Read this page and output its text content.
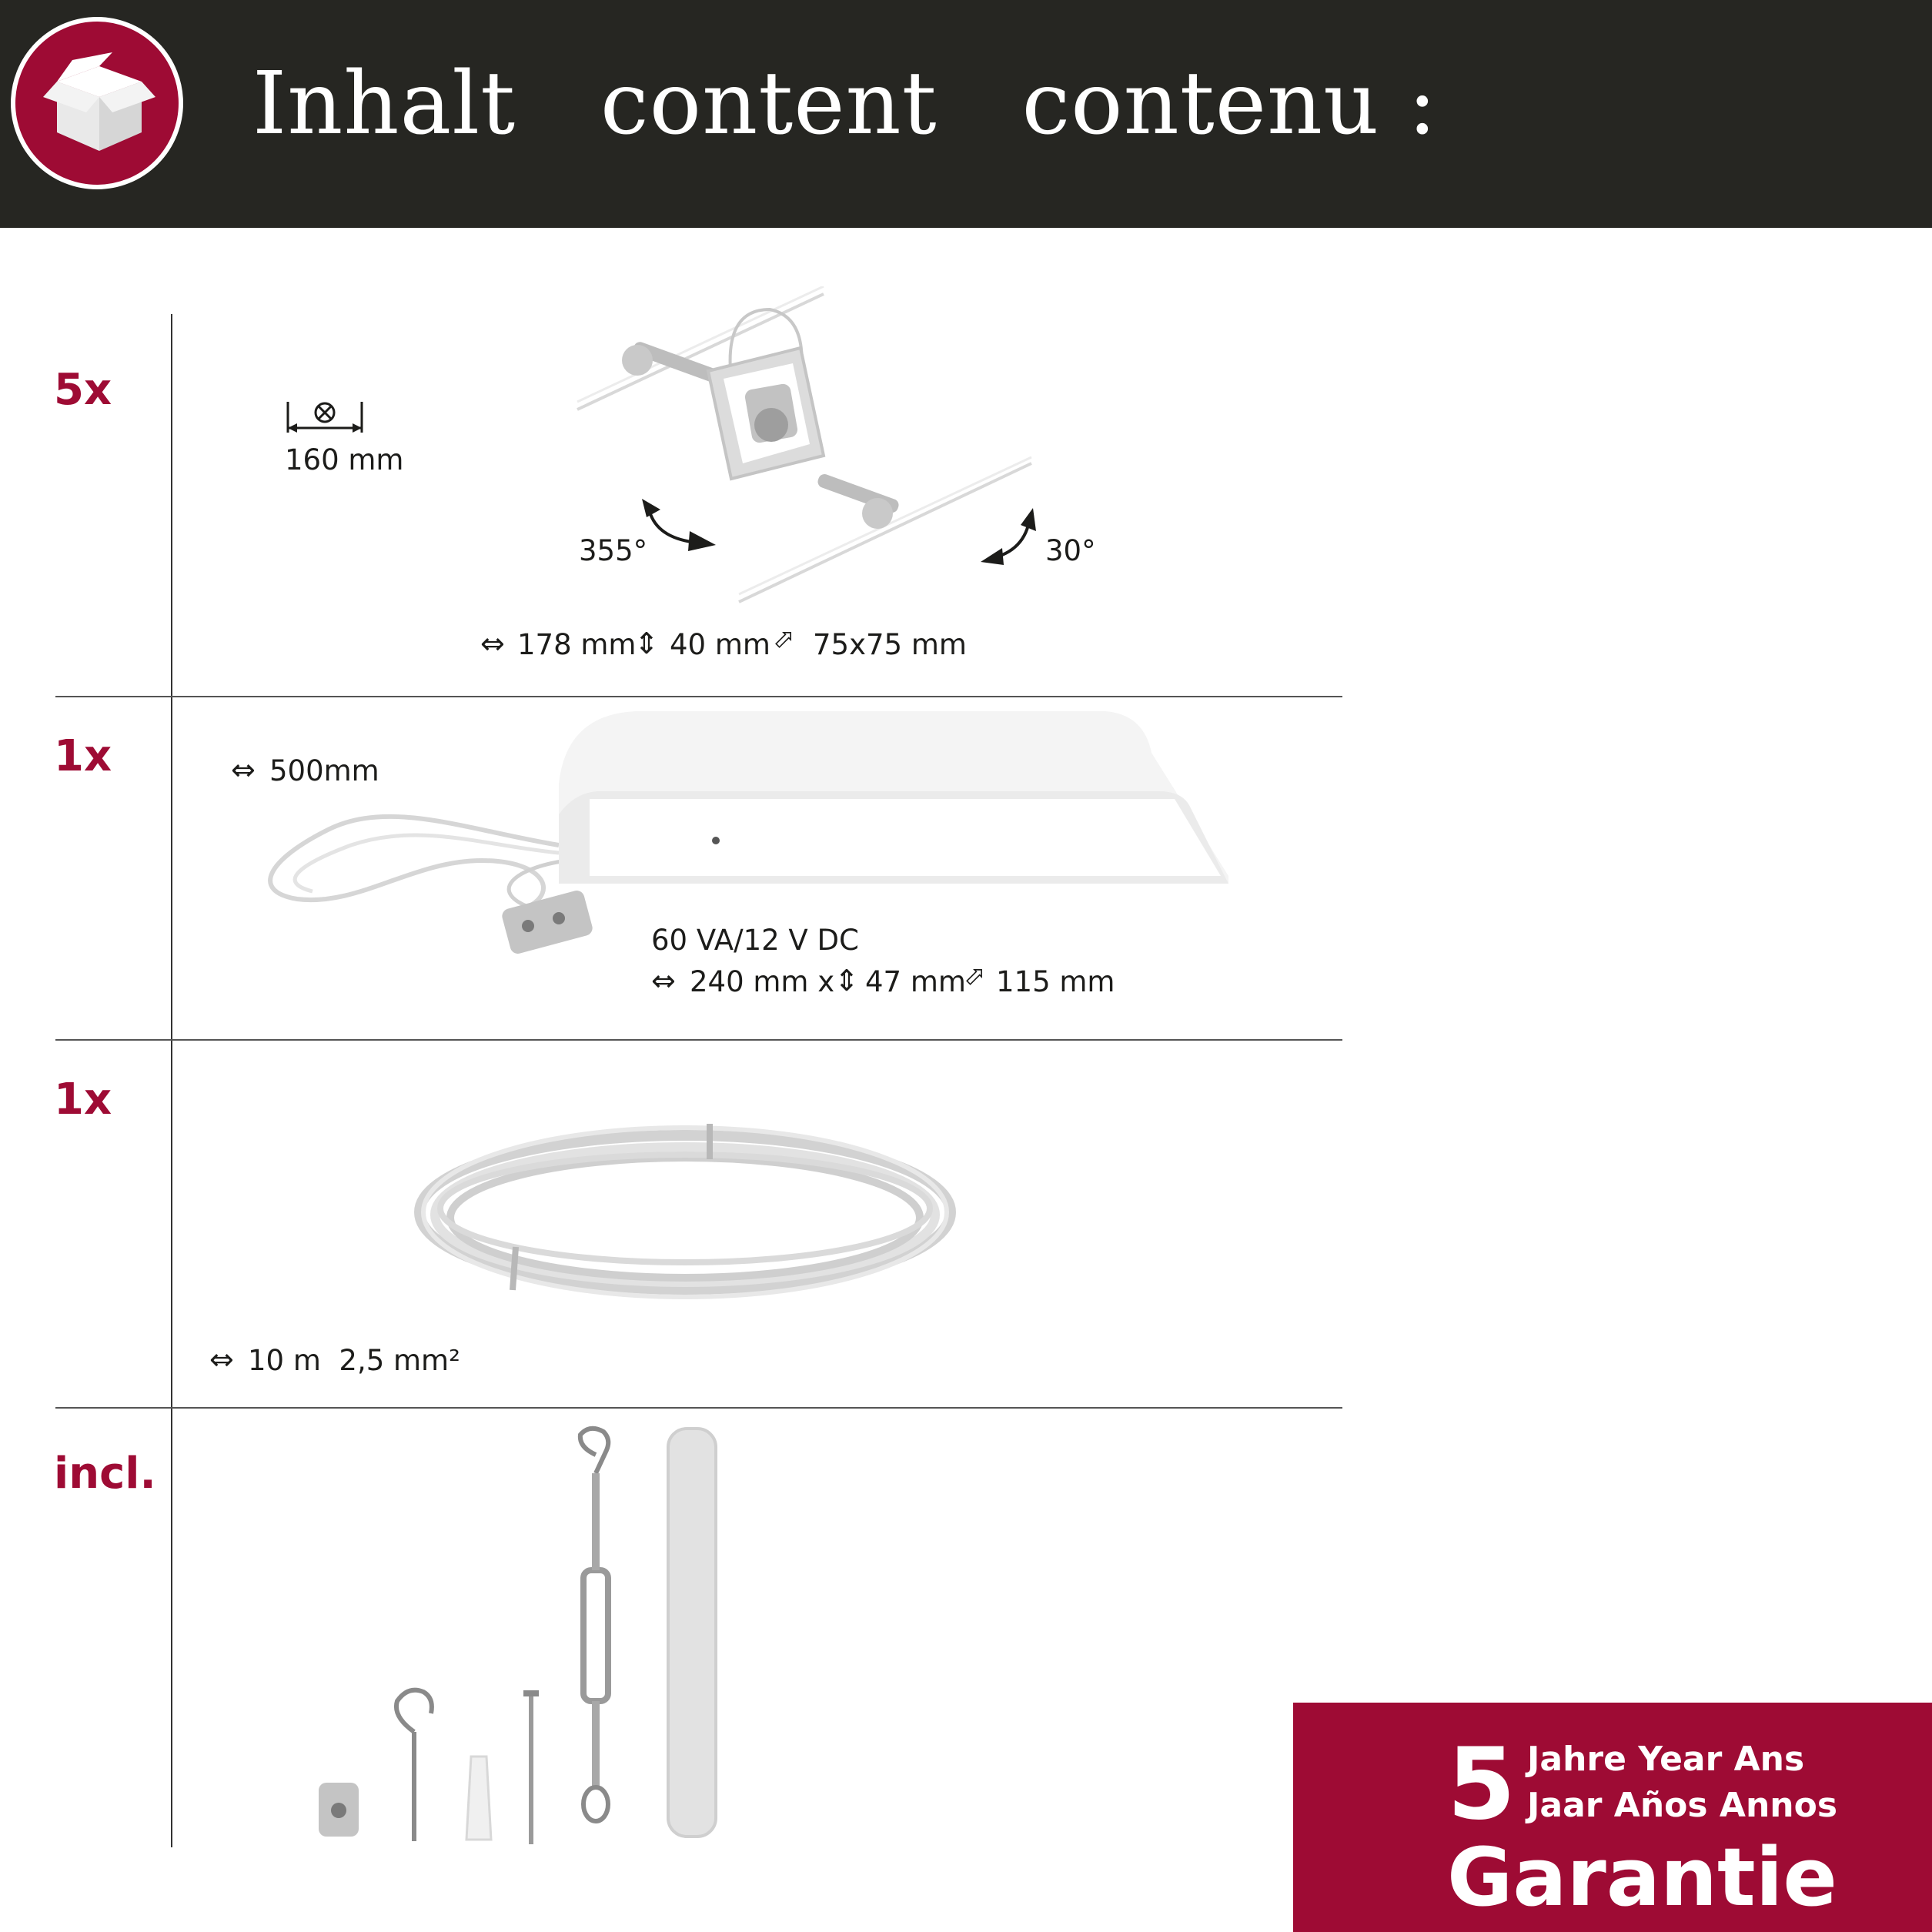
Inhalt   content   contenu :
5x
160 mm
355°	30°
⇔ 178 mm
⇕ 40 mm ⬀ 75x75 mm
1x	⇔ 500mm
60 VA/12 V DC
⇔ 240 mm x ⇕ 47 mm
⬀ 115 mm
1x
⇔ 10 m  2,5 mm²
incl.
5 Jahre Year Ans
Jaar Años Annos
Garantie
